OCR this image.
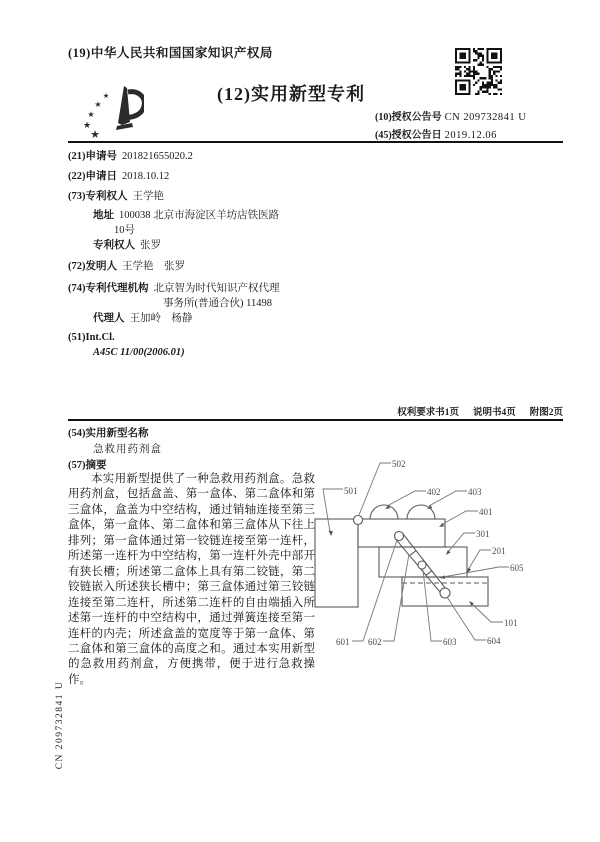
(19)中华人民共和国国家知识产权局
★
★
★
★
★
(12)实用新型专利
(10)授权公告号 CN 209732841 U
(45)授权公告日 2019.12.06
(21)申请号 201821655020.2
(22)申请日 2018.10.12
(73)专利权人 王学艳
地址 100038 北京市海淀区羊坊店铁医路
10号
专利权人 张罗
(72)发明人 王学艳　张罗
(74)专利代理机构 北京智为时代知识产权代理
事务所(普通合伙) 11498
代理人 王加岭　杨静
(51)Int.Cl.
A45C 11/00(2006.01)
权利要求书1页 说明书4页 附图2页
(54)实用新型名称
急救用药剂盒
(57)摘要
本实用新型提供了一种急救用药剂盒。急救用药剂盒，包括盒盖、第一盒体、第二盒体和第三盒体，盒盖为中空结构，通过销轴连接至第三盒体，第一盒体、第二盒体和第三盒体从下往上排列；第一盒体通过第一铰链连接至第一连杆，所述第一连杆为中空结构，第一连杆外壳中部开有狭长槽；所述第二盒体上具有第二铰链，第二铰链嵌入所述狭长槽中；第三盒体通过第三铰链连接至第二连杆，所述第二连杆的自由端插入所述第一连杆的中空结构中，通过弹簧连接至第一连杆的内壳；所述盒盖的宽度等于第一盒体、第二盒体和第三盒体的高度之和。通过本实用新型的急救用药剂盒，方便携带，便于进行急救操作。
502
501	402	403
401
301
201
605
101
601 602	603	604
CN 209732841 U
